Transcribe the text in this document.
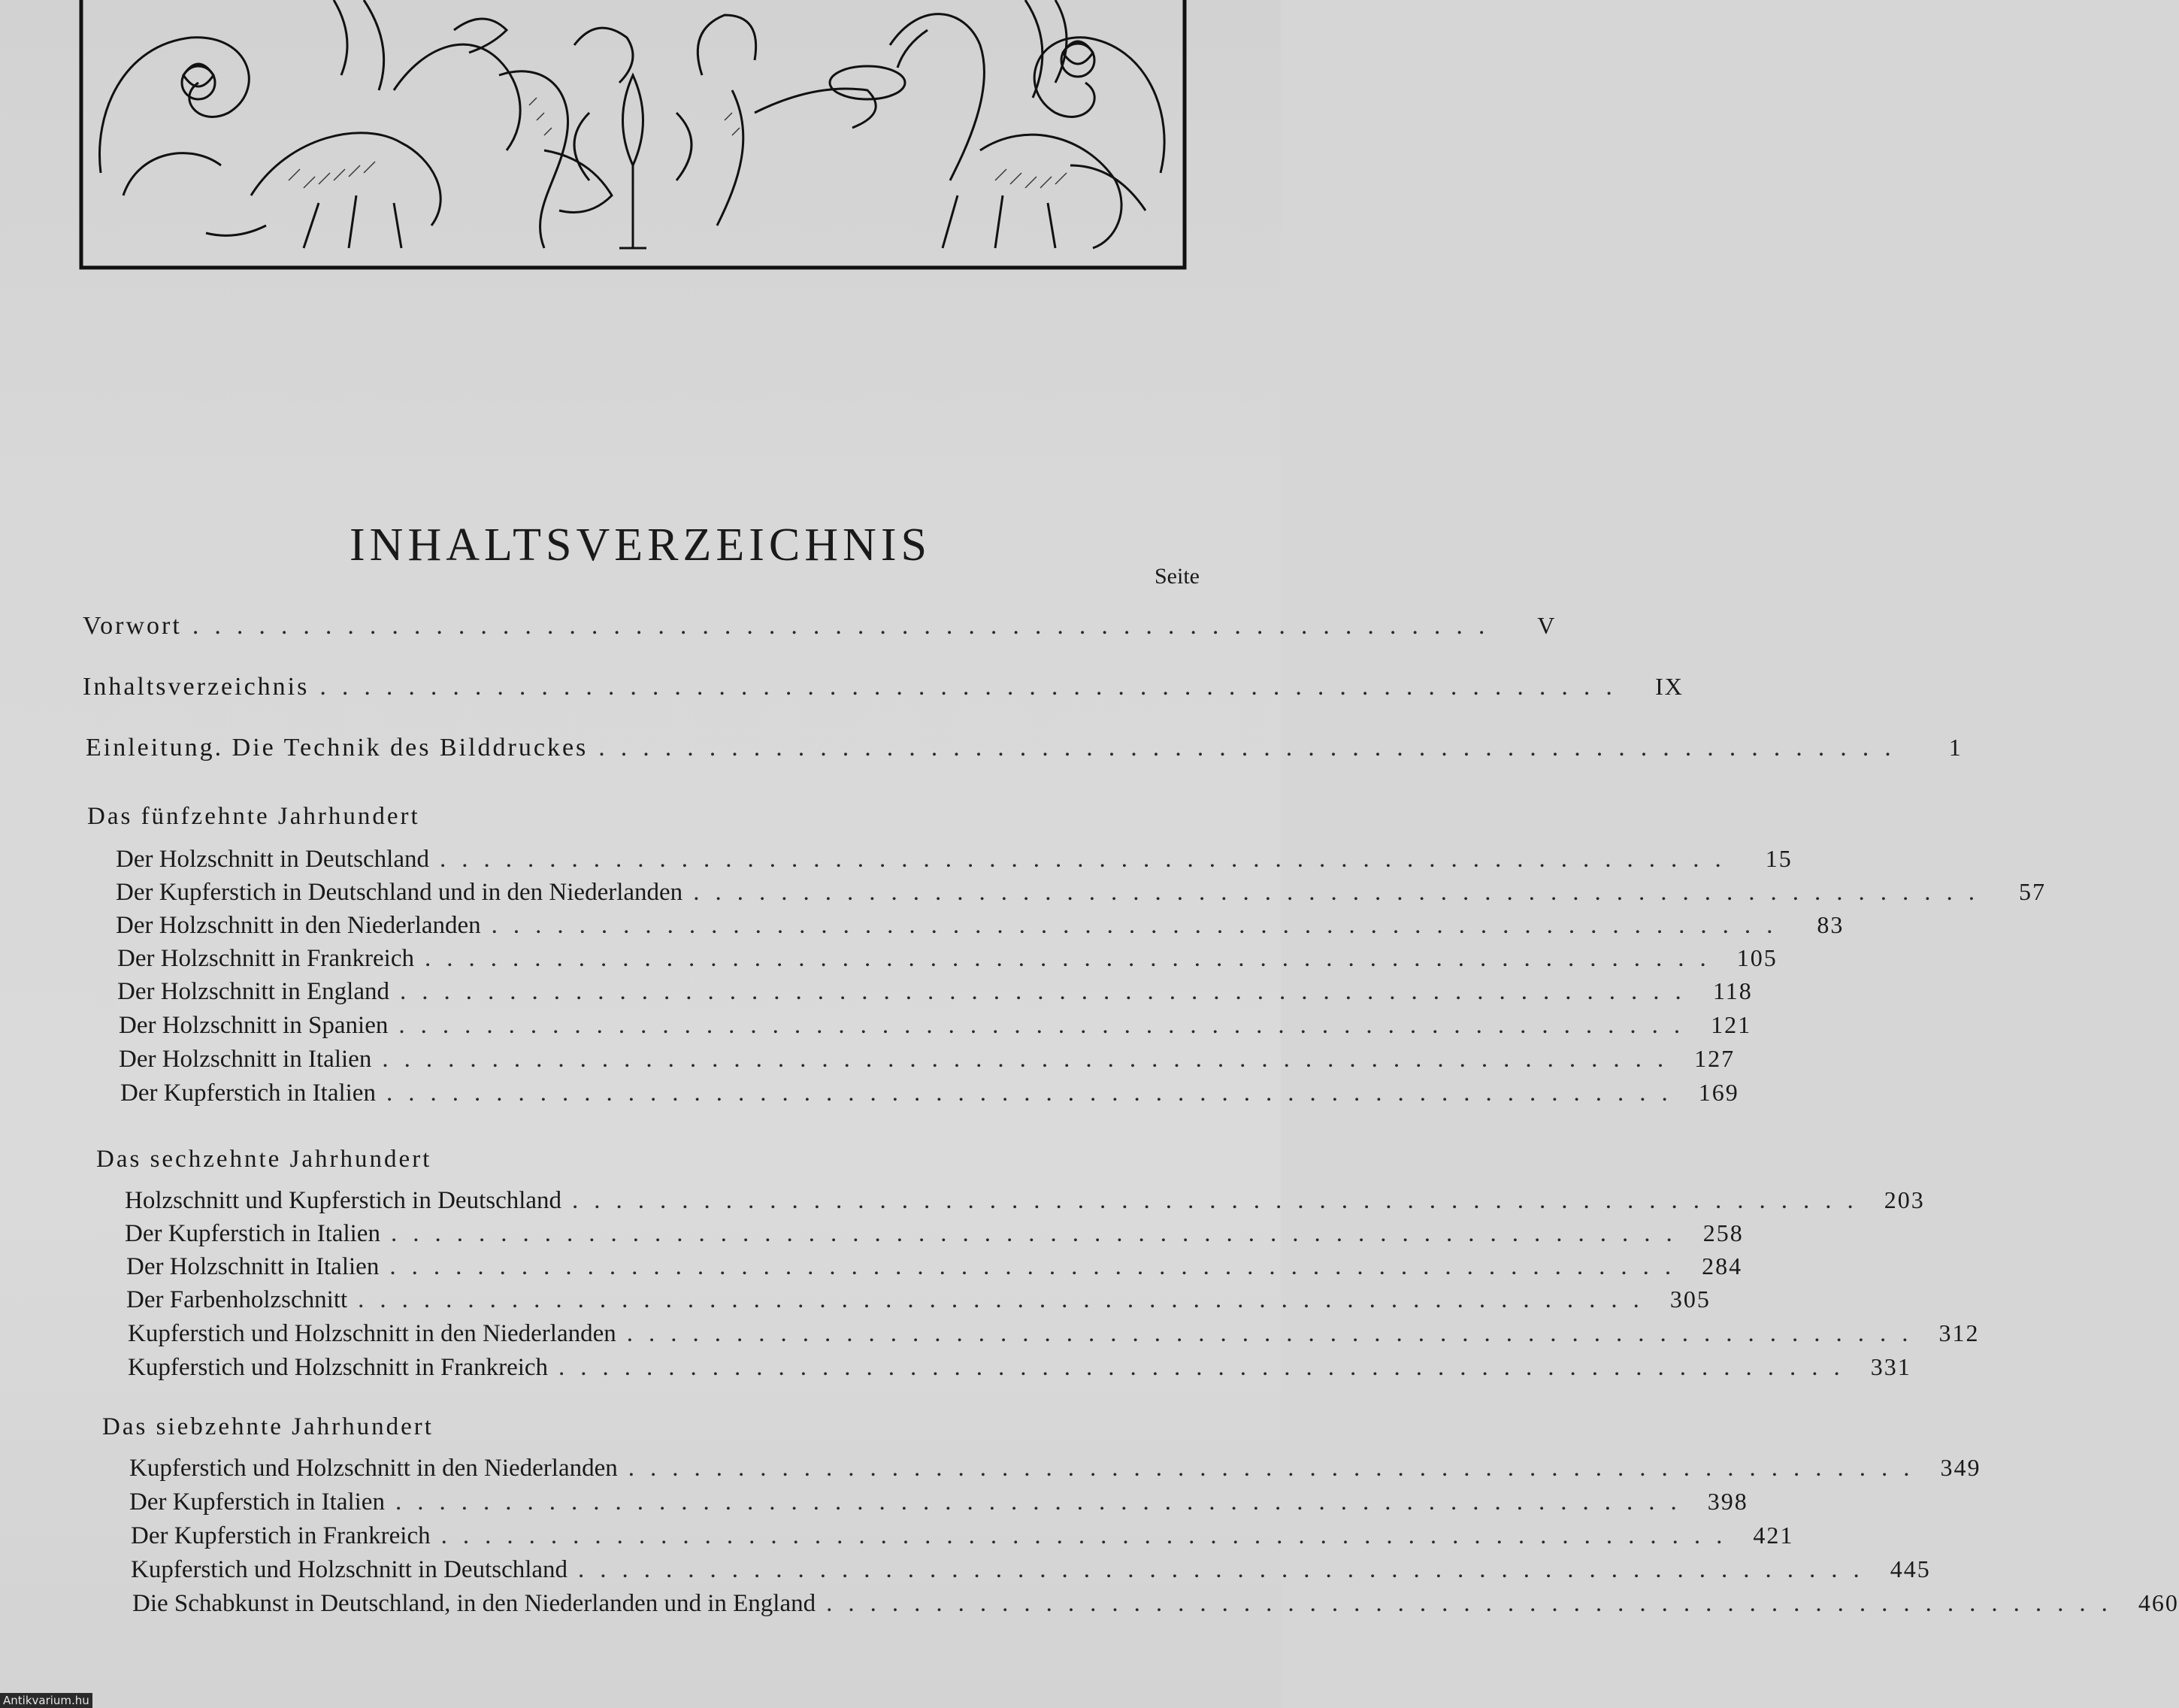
INHALTSVERZEICHNIS
Seite
Vorwort ...........................................................	V
Inhaltsverzeichnis ...........................................................	IX
Einleitung. Die Technik des Bilddruckes ...........................................................	1
Das fünfzehnte Jahrhundert
Der Holzschnitt in Deutschland ...........................................................	15
Der Kupferstich in Deutschland und in den Niederlanden ...........................................................	57
Der Holzschnitt in den Niederlanden ...........................................................	83
Der Holzschnitt in Frankreich ........................................................... 105
Der Holzschnitt in England ........................................................... 118
Der Holzschnitt in Spanien ........................................................... 121
Der Holzschnitt in Italien ........................................................... 127
Der Kupferstich in Italien ........................................................... 169
Das sechzehnte Jahrhundert
Holzschnitt und Kupferstich in Deutschland ........................................................... 203
Der Kupferstich in Italien ........................................................... 258
Der Holzschnitt in Italien ........................................................... 284
Der Farbenholzschnitt ........................................................... 305
Kupferstich und Holzschnitt in den Niederlanden ........................................................... 312
Kupferstich und Holzschnitt in Frankreich ........................................................... 331
Das siebzehnte Jahrhundert
Kupferstich und Holzschnitt in den Niederlanden ........................................................... 349
Der Kupferstich in Italien ........................................................... 398
Der Kupferstich in Frankreich ........................................................... 421
Kupferstich und Holzschnitt in Deutschland ........................................................... 445
Die Schabkunst in Deutschland, in den Niederlanden und in England ........................................................... 460
Antikvarium.hu
